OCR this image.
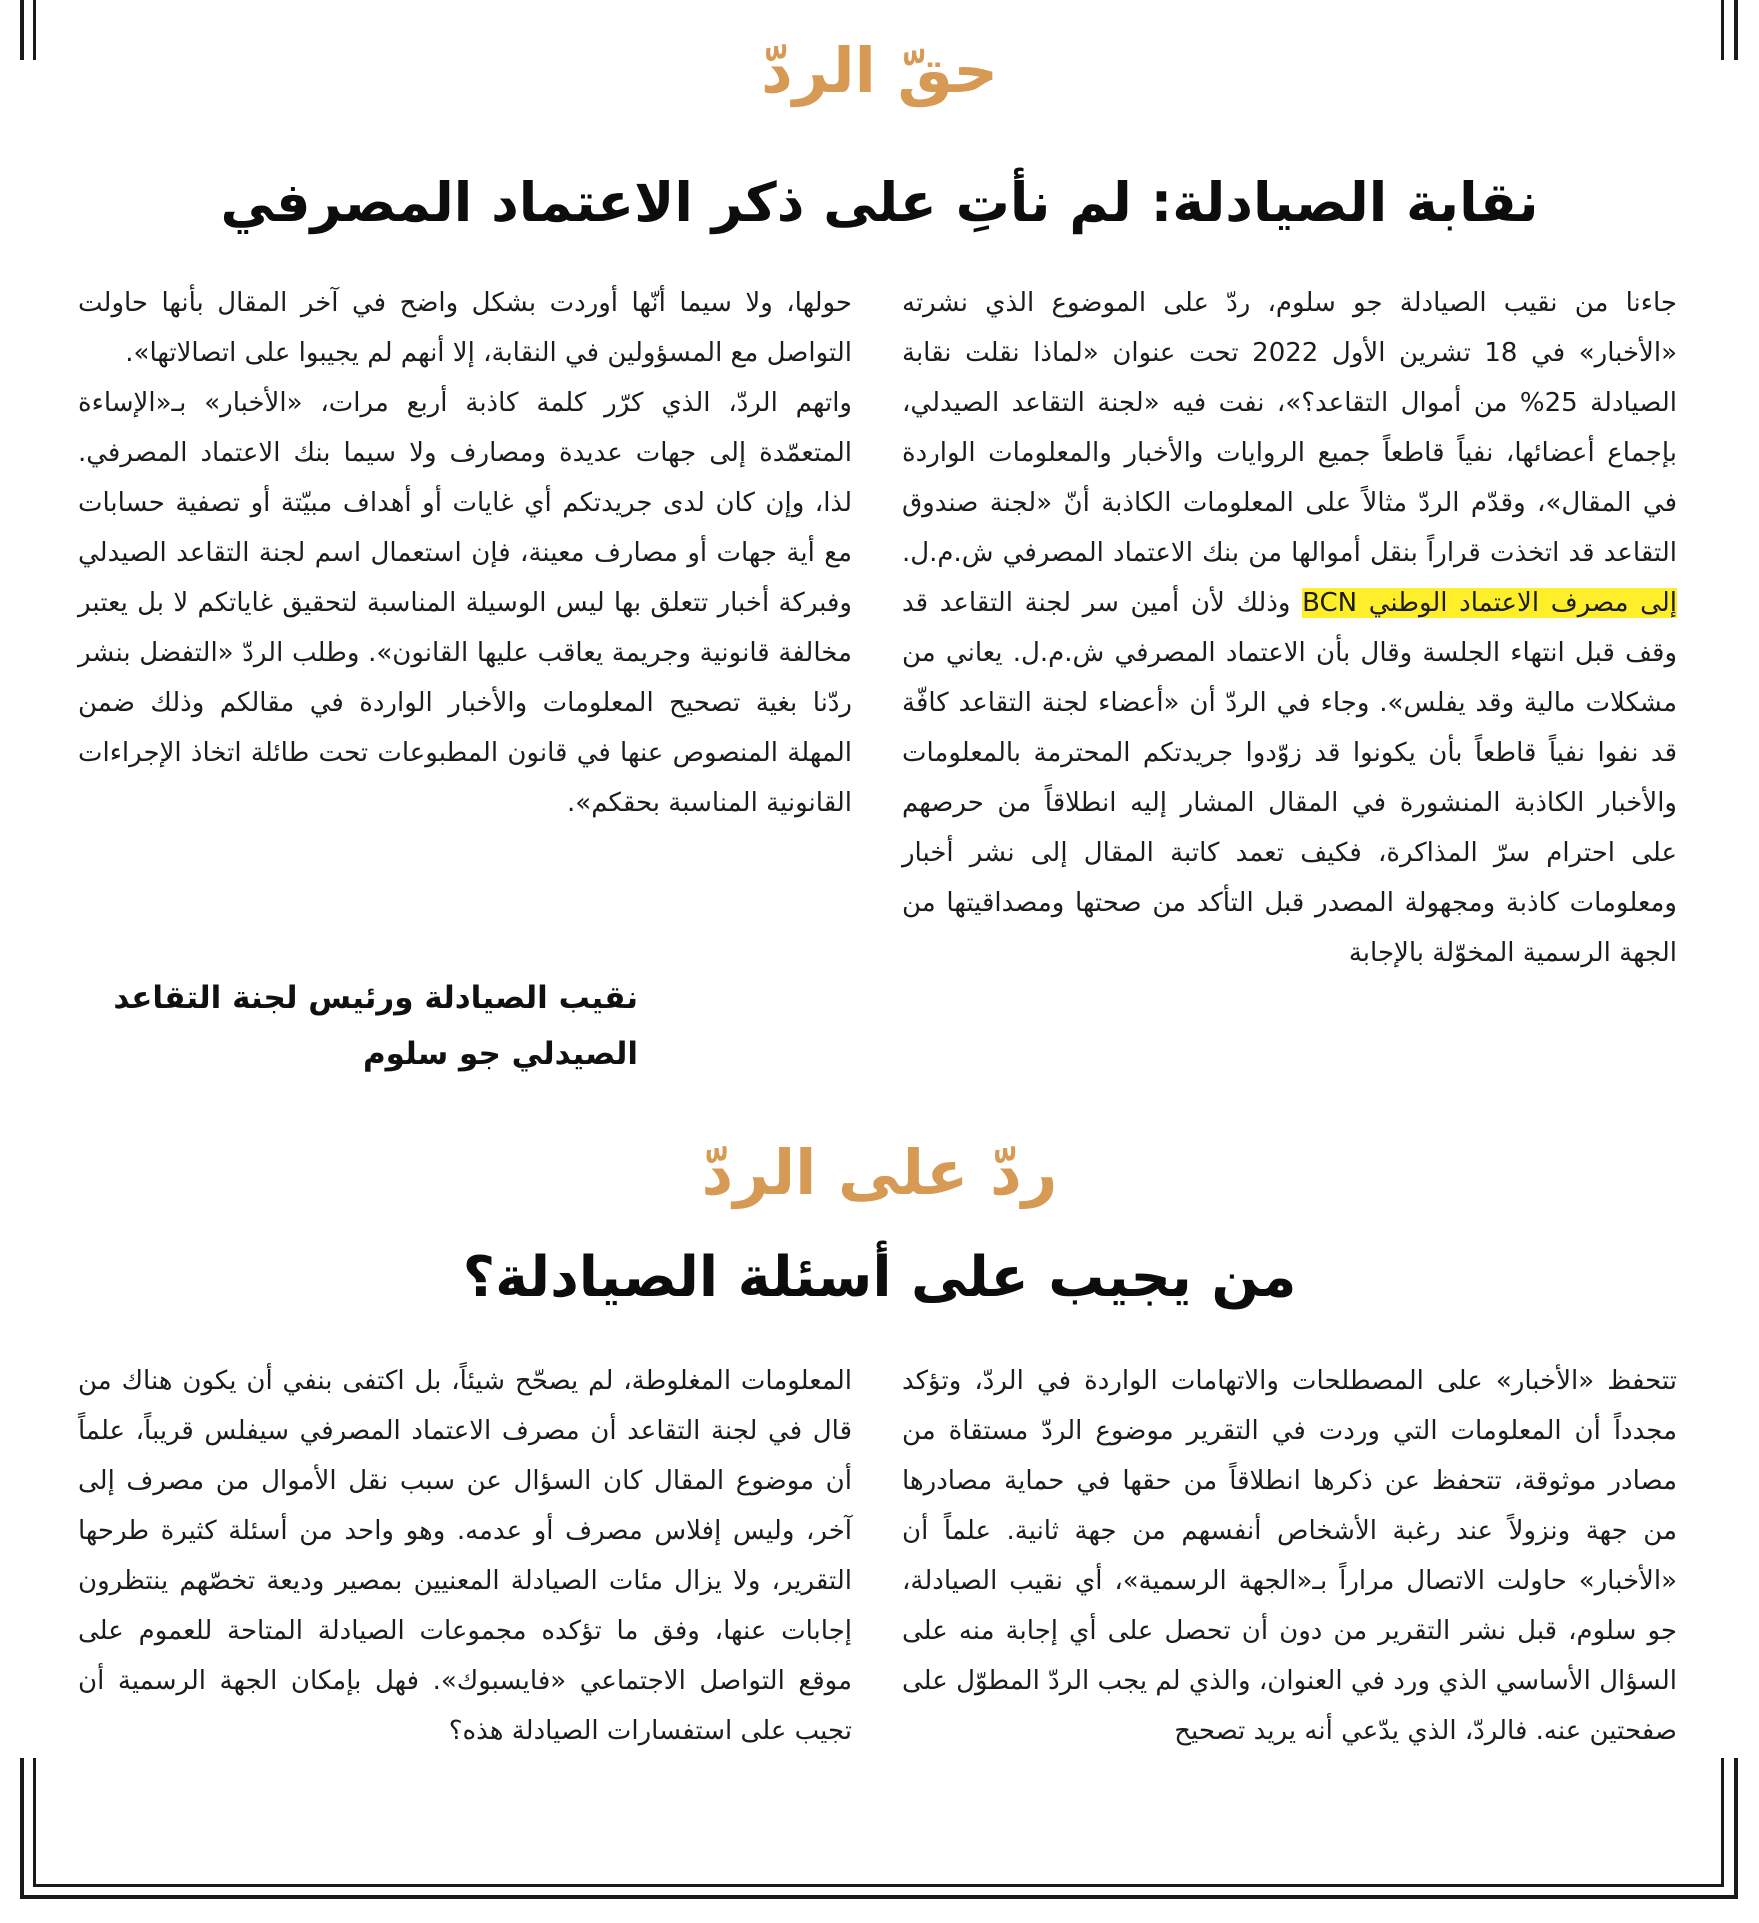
حقّ الردّ
نقابة الصيادلة: لم نأتِ على ذكر الاعتماد المصرفي

جاءنا من نقيب الصيادلة جو سلوم، ردّ على الموضوع الذي نشرته «الأخبار» في 18 تشرين الأول 2022 تحت عنوان «لماذا نقلت نقابة الصيادلة 25% من أموال التقاعد؟»، نفت فيه «لجنة التقاعد الصيدلي، بإجماع أعضائها، نفياً قاطعاً جميع الروايات والأخبار والمعلومات الواردة في المقال»، وقدّم الردّ مثالاً على المعلومات الكاذبة أنّ «لجنة صندوق التقاعد قد اتخذت قراراً بنقل أموالها من بنك الاعتماد المصرفي ش.م.ل. إلى مصرف الاعتماد الوطني BCN وذلك لأن أمين سر لجنة التقاعد قد وقف قبل انتهاء الجلسة وقال بأن الاعتماد المصرفي ش.م.ل. يعاني من مشكلات مالية وقد يفلس». وجاء في الردّ أن «أعضاء لجنة التقاعد كافّة قد نفوا نفياً قاطعاً بأن يكونوا قد زوّدوا جريدتكم المحترمة بالمعلومات والأخبار الكاذبة المنشورة في المقال المشار إليه انطلاقاً من حرصهم على احترام سرّ المذاكرة، فكيف تعمد كاتبة المقال إلى نشر أخبار ومعلومات كاذبة ومجهولة المصدر قبل التأكد من صحتها ومصداقيتها من الجهة الرسمية المخوّلة بالإجابة

حولها، ولا سيما أنّها أوردت بشكل واضح في آخر المقال بأنها حاولت التواصل مع المسؤولين في النقابة، إلا أنهم لم يجيبوا على اتصالاتها».

واتهم الردّ، الذي كرّر كلمة كاذبة أربع مرات، «الأخبار» بـ«الإساءة المتعمّدة إلى جهات عديدة ومصارف ولا سيما بنك الاعتماد المصرفي. لذا، وإن كان لدى جريدتكم أي غايات أو أهداف مبيّتة أو تصفية حسابات مع أية جهات أو مصارف معينة، فإن استعمال اسم لجنة التقاعد الصيدلي وفبركة أخبار تتعلق بها ليس الوسيلة المناسبة لتحقيق غاياتكم لا بل يعتبر مخالفة قانونية وجريمة يعاقب عليها القانون». وطلب الردّ «التفضل بنشر ردّنا بغية تصحيح المعلومات والأخبار الواردة في مقالكم وذلك ضمن المهلة المنصوص عنها في قانون المطبوعات تحت طائلة اتخاذ الإجراءات القانونية المناسبة بحقكم».

نقيب الصيادلة ورئيس لجنة التقاعد
الصيدلي جو سلوم
ردّ على الردّ
من يجيب على أسئلة الصيادلة؟

تتحفظ «الأخبار» على المصطلحات والاتهامات الواردة في الردّ، وتؤكد مجدداً أن المعلومات التي وردت في التقرير موضوع الردّ مستقاة من مصادر موثوقة، تتحفظ عن ذكرها انطلاقاً من حقها في حماية مصادرها من جهة ونزولاً عند رغبة الأشخاص أنفسهم من جهة ثانية. علماً أن «الأخبار» حاولت الاتصال مراراً بـ«الجهة الرسمية»، أي نقيب الصيادلة، جو سلوم، قبل نشر التقرير من دون أن تحصل على أي إجابة منه على السؤال الأساسي الذي ورد في العنوان، والذي لم يجب الردّ المطوّل على صفحتين عنه. فالردّ، الذي يدّعي أنه يريد تصحيح

المعلومات المغلوطة، لم يصحّح شيئاً، بل اكتفى بنفي أن يكون هناك من قال في لجنة التقاعد أن مصرف الاعتماد المصرفي سيفلس قريباً، علماً أن موضوع المقال كان السؤال عن سبب نقل الأموال من مصرف إلى آخر، وليس إفلاس مصرف أو عدمه. وهو واحد من أسئلة كثيرة طرحها التقرير، ولا يزال مئات الصيادلة المعنيين بمصير وديعة تخصّهم ينتظرون إجابات عنها، وفق ما تؤكده مجموعات الصيادلة المتاحة للعموم على موقع التواصل الاجتماعي «فايسبوك». فهل بإمكان الجهة الرسمية أن تجيب على استفسارات الصيادلة هذه؟
